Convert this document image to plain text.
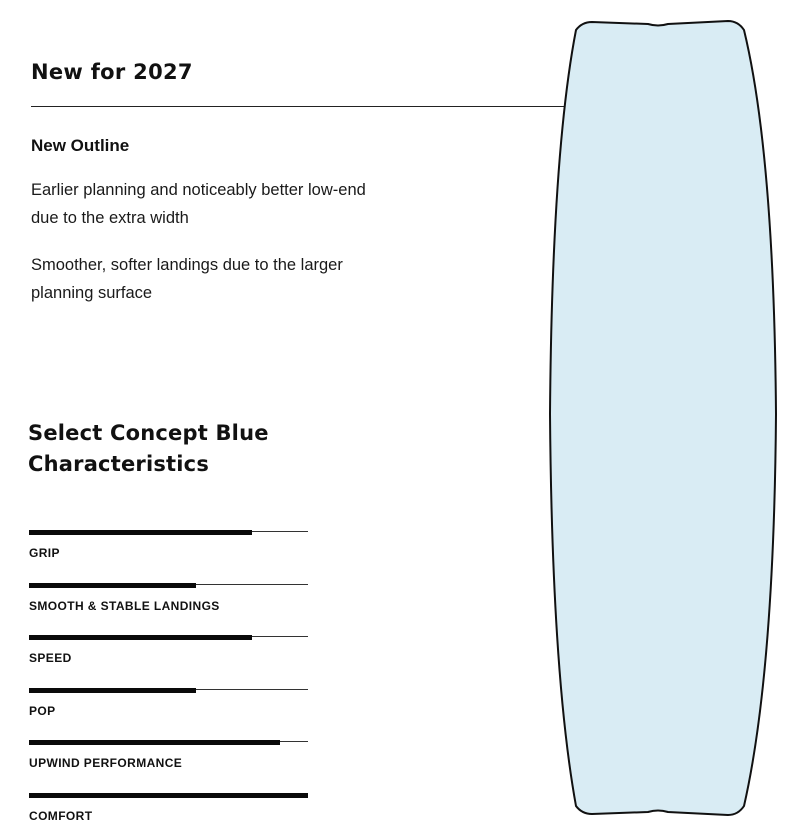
New for 2027
New Outline

Earlier planning and noticeably better low-end due to the extra width

Smoother, softer landings due to the larger planning surface

Select Concept Blue Characteristics
GRIP
SMOOTH & STABLE LANDINGS
SPEED
POP
UPWIND PERFORMANCE
COMFORT
